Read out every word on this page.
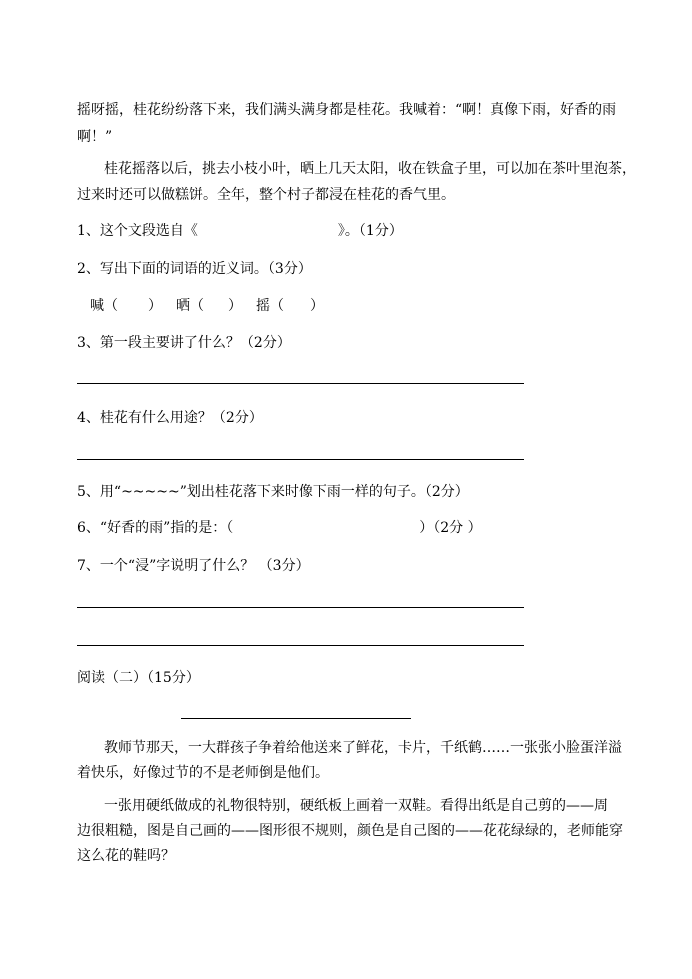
摇呀摇，桂花纷纷落下来，我们满头满身都是桂花。我喊着：“啊！真像下雨，好香的雨
啊！”
桂花摇落以后，挑去小枝小叶，晒上几天太阳，收在铁盒子里，可以加在茶叶里泡茶，
过来时还可以做糕饼。全年，整个村子都浸在桂花的香气里。
1、这个文段选自《	》。（1分）
2、写出下面的词语的近义词。（3分）
喊（ ） 晒（ ） 摇（ ）
3、第一段主要讲了什么？（2分）
4、桂花有什么用途？（2分）
5、用“~~~~~”划出桂花落下来时像下雨一样的句子。（2分）
6、“好香的雨”指的是：（	）（2分 ）
7、一个“浸”字说明了什么？ （3分）
阅读（二）（15分）
教师节那天，一大群孩子争着给他送来了鲜花，卡片，千纸鹤……一张张小脸蛋洋溢
着快乐，好像过节的不是老师倒是他们。
一张用硬纸做成的礼物很特别，硬纸板上画着一双鞋。看得出纸是自己剪的——周
边很粗糙，图是自己画的——图形很不规则，颜色是自己图的——花花绿绿的，老师能穿
这么花的鞋吗？
